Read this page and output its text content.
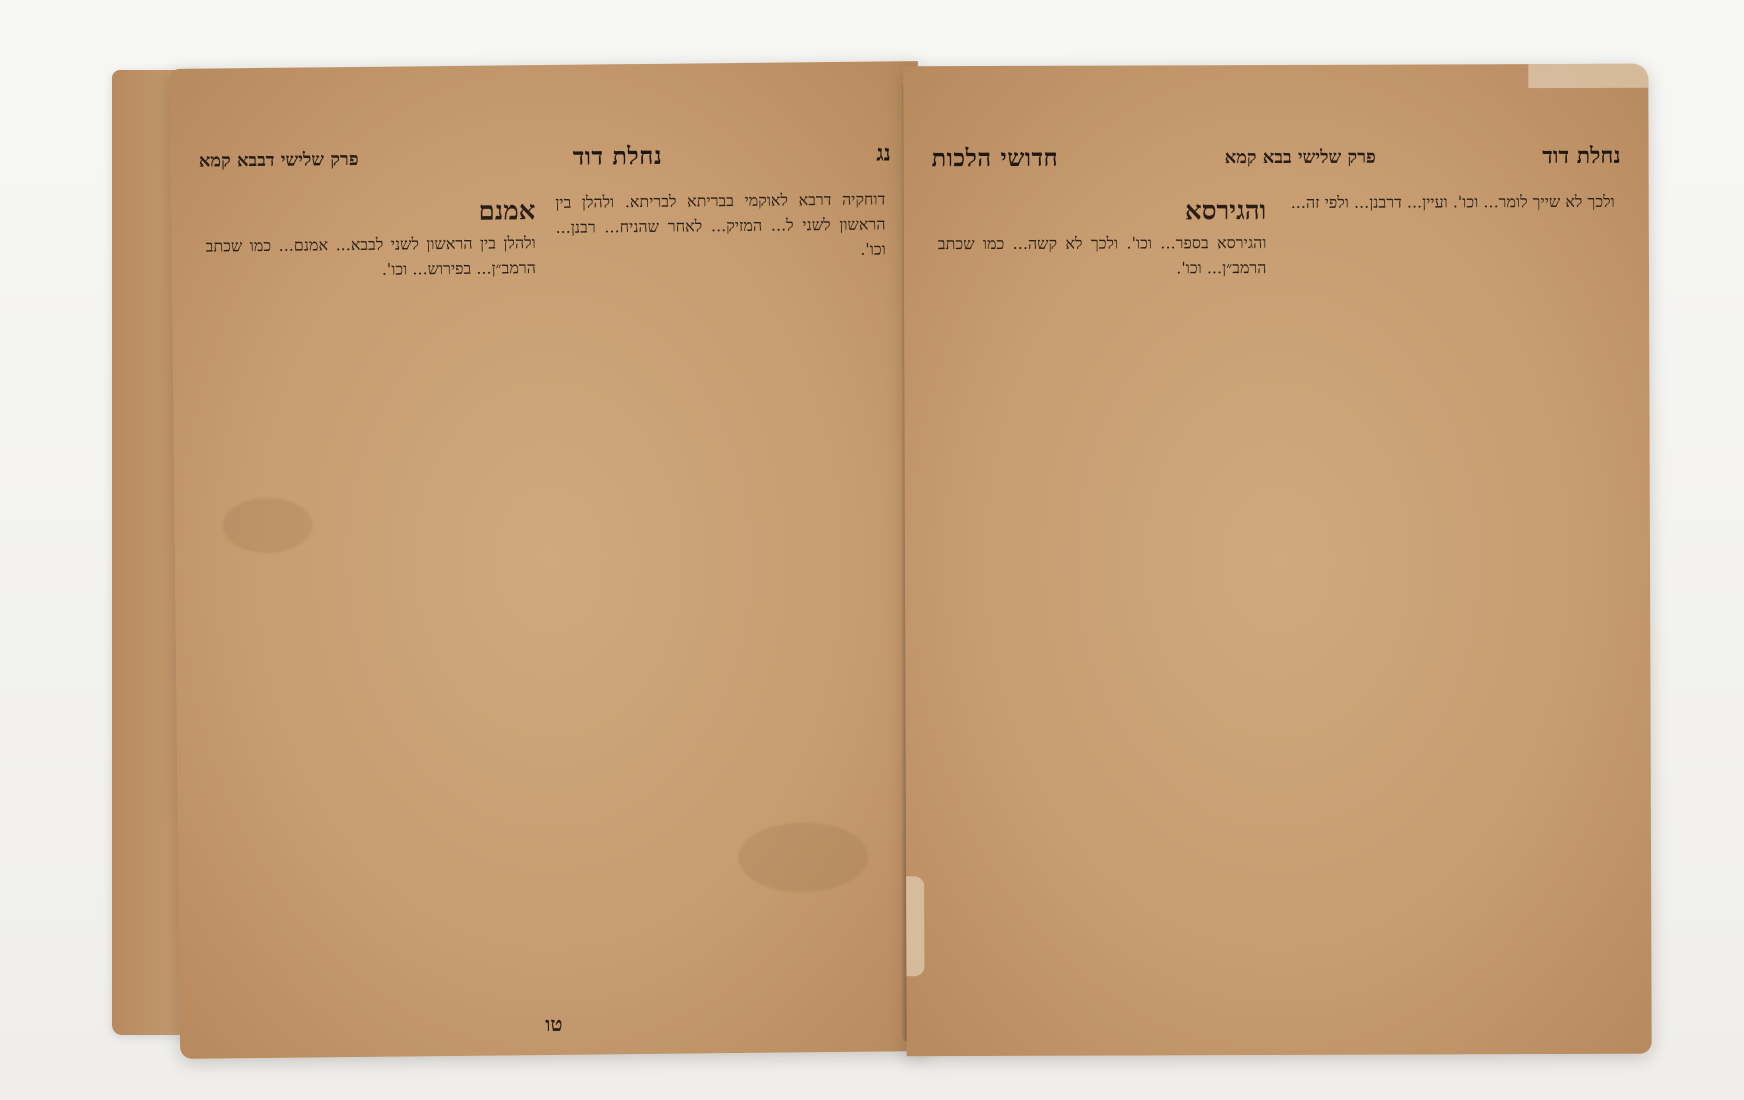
נג
נחלת דוד
פרק שלישי דבבא קמא

דוחקיה דרבא לאוקמי בבריתא לבריתא. ולהלן בין הראשון לשני ל... המזיק... לאחר שהניח... רבנן... וכו'.

אמנם

ולהלן בין הראשון לשני לבבא... אמנם... כמו שכתב הרמב״ן... בפירוש... וכו'.

טו
נחלת דוד
פרק שלישי בבא קמא
חדושי הלכות

ולכך לא שייך לומר... וכו'. ועיין... דרבנן... ולפי זה...

והגירסא

והגירסא בספר... וכו'. ולכך לא קשה... כמו שכתב הרמב״ן... וכו'.
